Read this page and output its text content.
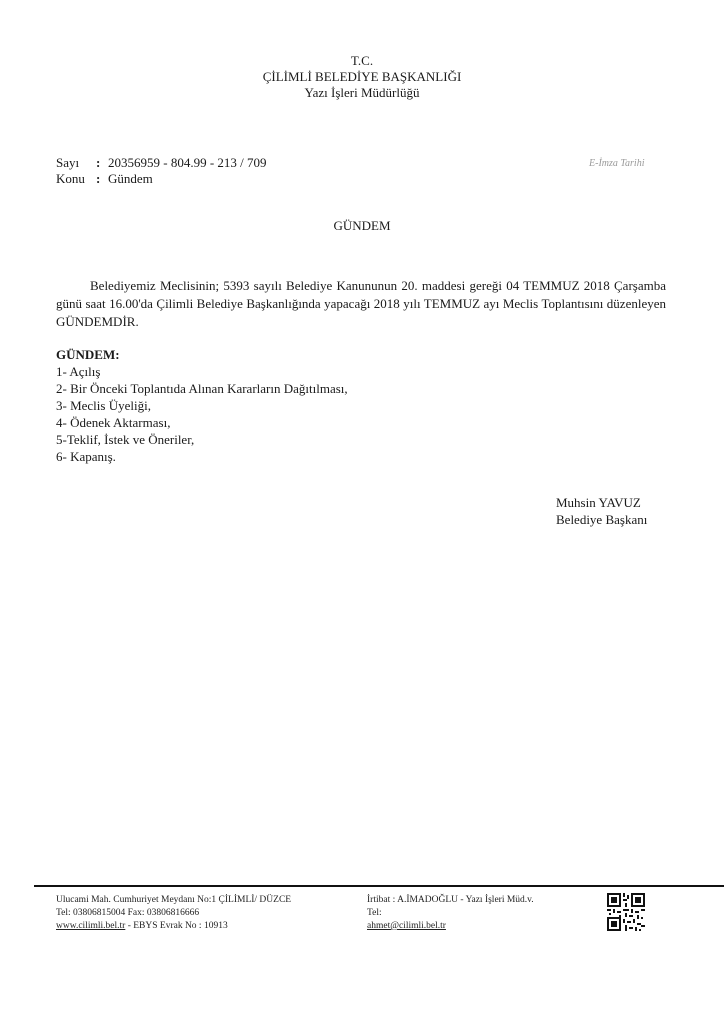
T.C.
ÇİLİMLİ BELEDİYE BAŞKANLIĞI
Yazı İşleri Müdürlüğü
Sayı : 20356959 - 804.99 - 213 / 709
Konu : Gündem
E-İmza Tarihi
GÜNDEM
Belediyemiz Meclisinin; 5393 sayılı Belediye Kanununun 20. maddesi gereği 04 TEMMUZ 2018 Çarşamba günü saat 16.00'da Çilimli Belediye Başkanlığında yapacağı 2018 yılı TEMMUZ ayı Meclis Toplantısını düzenleyen GÜNDEMDİR.
GÜNDEM:
1- Açılış
2- Bir Önceki Toplantıda Alınan Kararların Dağıtılması,
3- Meclis Üyeliği,
4- Ödenek Aktarması,
5-Teklif, İstek ve Öneriler,
6- Kapanış.
Muhsin YAVUZ
Belediye Başkanı
Ulucami Mah. Cumhuriyet Meydanı No:1 ÇİLİMLİ/ DÜZCE
Tel: 03806815004 Fax: 03806816666
www.cilimli.bel.tr - EBYS Evrak No : 10913
İrtibat : A.İMADOĞLU - Yazı İşleri Müd.v.
Tel:
ahmet@cilimli.bel.tr
